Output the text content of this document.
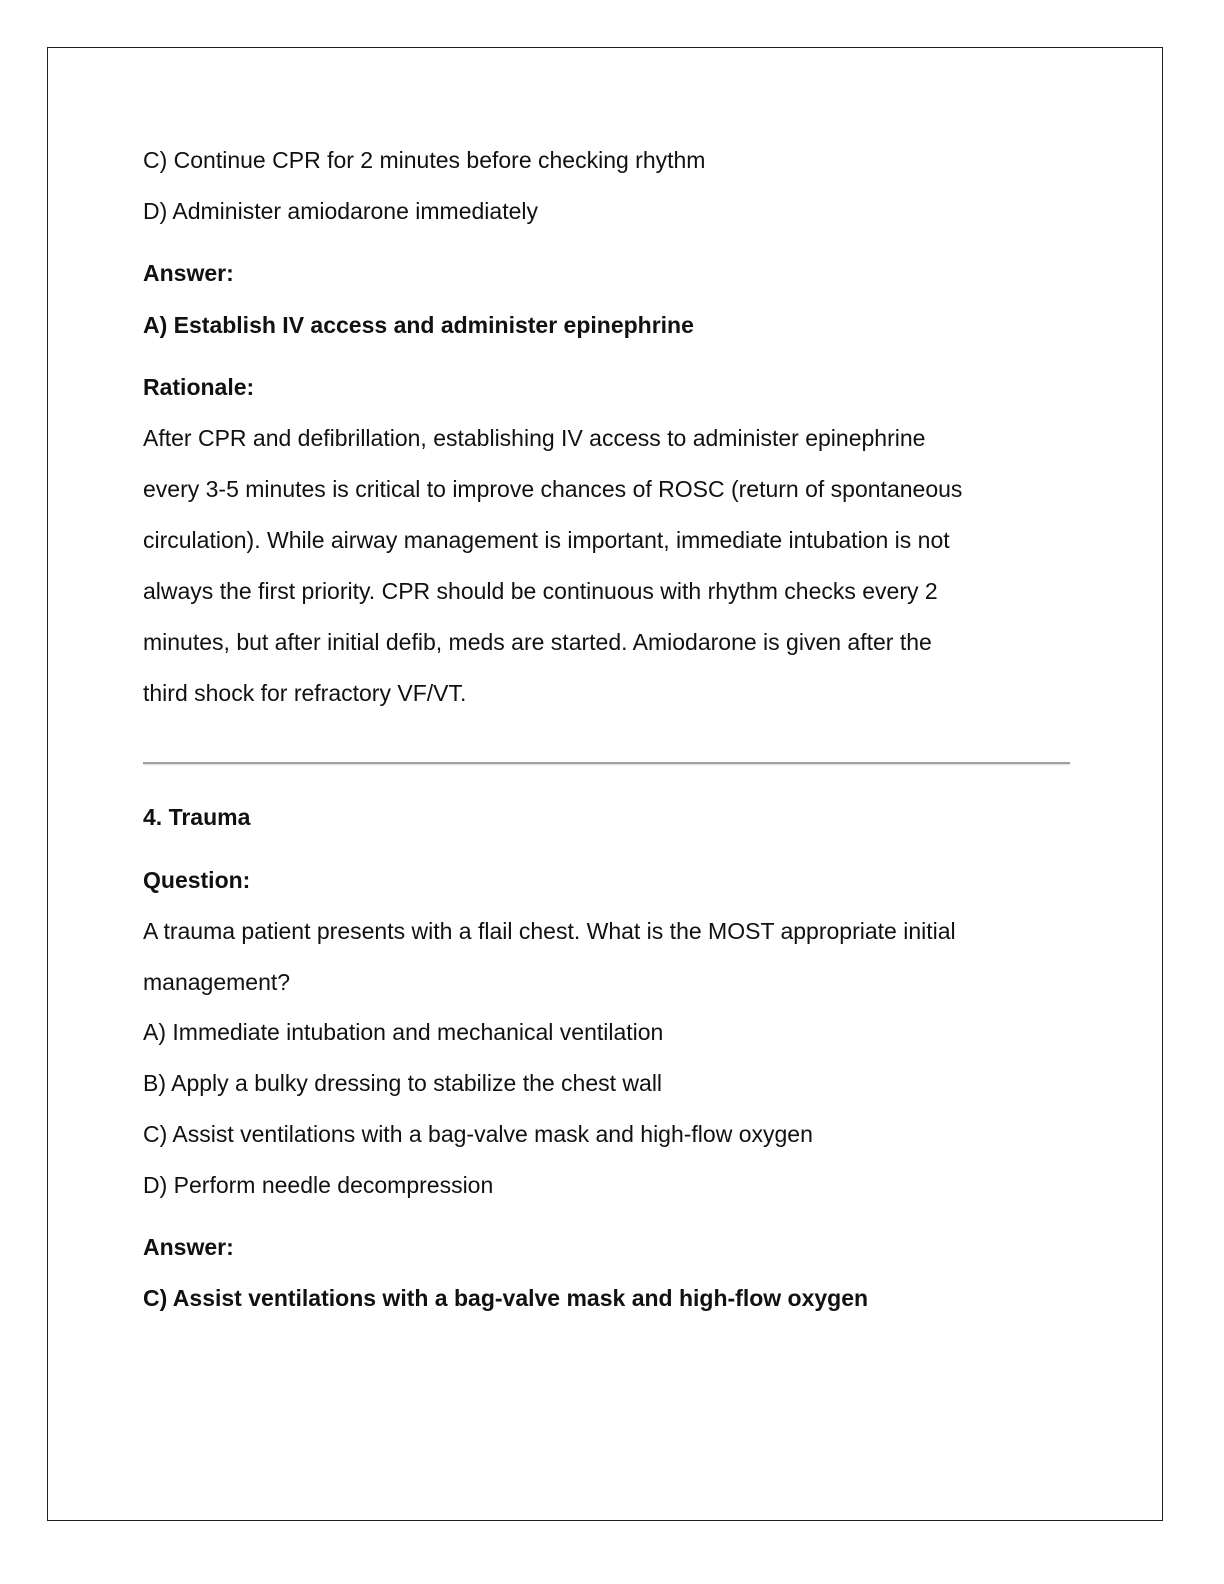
C) Continue CPR for 2 minutes before checking rhythm
D) Administer amiodarone immediately
Answer:
A) Establish IV access and administer epinephrine
Rationale:
After CPR and defibrillation, establishing IV access to administer epinephrine
every 3-5 minutes is critical to improve chances of ROSC (return of spontaneous
circulation). While airway management is important, immediate intubation is not
always the first priority. CPR should be continuous with rhythm checks every 2
minutes, but after initial defib, meds are started. Amiodarone is given after the
third shock for refractory VF/VT.
4. Trauma
Question:
A trauma patient presents with a flail chest. What is the MOST appropriate initial
management?
A) Immediate intubation and mechanical ventilation
B) Apply a bulky dressing to stabilize the chest wall
C) Assist ventilations with a bag-valve mask and high-flow oxygen
D) Perform needle decompression
Answer:
C) Assist ventilations with a bag-valve mask and high-flow oxygen
